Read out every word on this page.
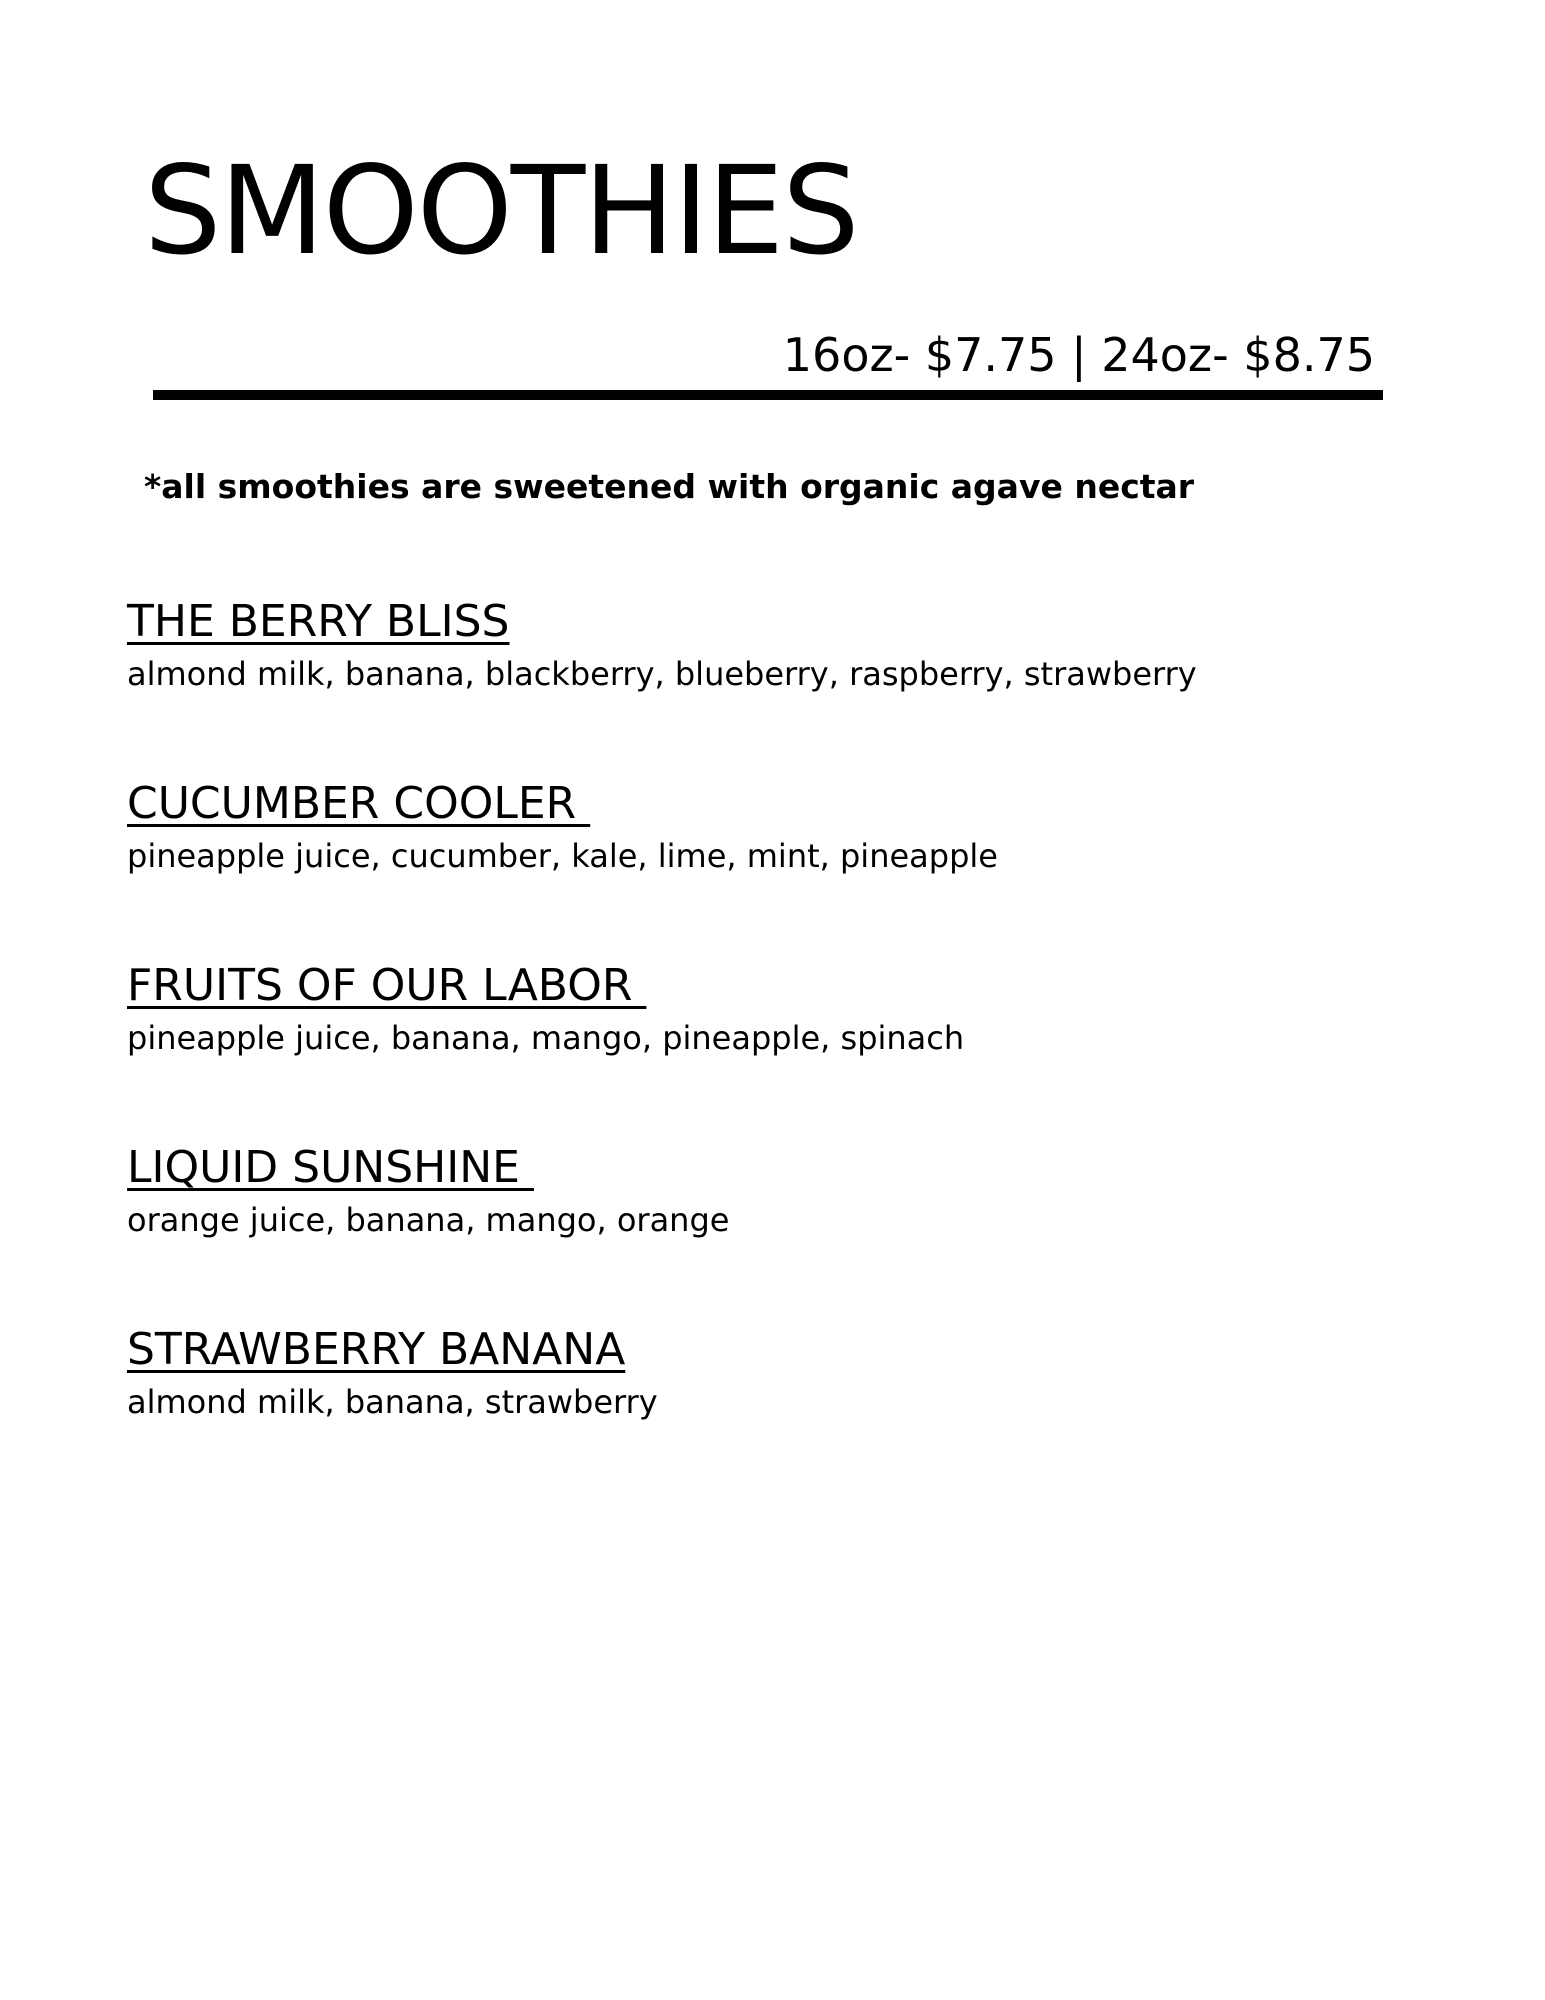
SMOOTHIES
16oz- $7.75 | 24oz- $8.75
*all smoothies are sweetened with organic agave nectar
THE BERRY BLISS
almond milk, banana, blackberry, blueberry, raspberry, strawberry
CUCUMBER COOLER
pineapple juice, cucumber, kale, lime, mint, pineapple
FRUITS OF OUR LABOR
pineapple juice, banana, mango, pineapple, spinach
LIQUID SUNSHINE
orange juice, banana, mango, orange
STRAWBERRY BANANA
almond milk, banana, strawberry
